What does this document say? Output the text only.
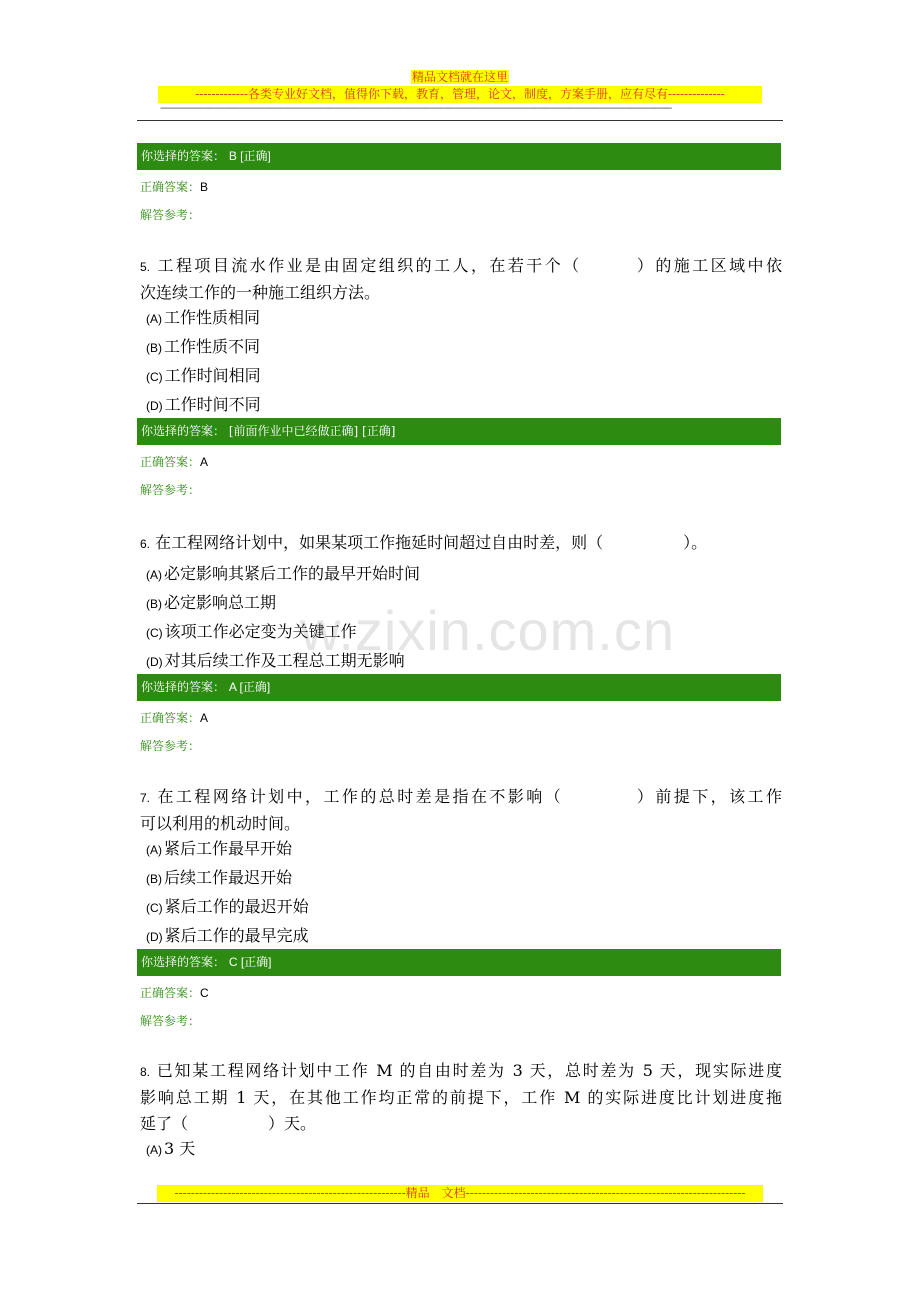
精品文档就在这里
-------------各类专业好文档，值得你下载，教育，管理，论文，制度，方案手册，应有尽有--------------
----------------------------------------------------------------------------------------------------------------------------------------------------------------------------------------------------
你选择的答案： B [正确]
正确答案：B
解答参考：
5. 工程项目流水作业是由固定组织的工人，在若干个（　　　）的施工区域中依
次连续工作的一种施工组织方法。
(A) 工作性质相同
(B) 工作性质不同
(C) 工作时间相同
(D) 工作时间不同
你选择的答案： [前面作业中已经做正确] [正确]
正确答案：A
解答参考：
6. 在工程网络计划中，如果某项工作拖延时间超过自由时差，则（　　　　　）。
(A) 必定影响其紧后工作的最早开始时间
(B) 必定影响总工期
(C) 该项工作必定变为关键工作
(D) 对其后续工作及工程总工期无影响
你选择的答案： A [正确]
正确答案：A
解答参考：
7. 在工程网络计划中，工作的总时差是指在不影响（　　　　）前提下，该工作
可以利用的机动时间。
(A) 紧后工作最早开始
(B) 后续工作最迟开始
(C) 紧后工作的最迟开始
(D) 紧后工作的最早完成
你选择的答案： C [正确]
正确答案：C
解答参考：
8. 已知某工程网络计划中工作 M 的自由时差为 3 天，总时差为 5 天，现实际进度
影响总工期 1 天，在其他工作均正常的前提下，工作 M 的实际进度比计划进度拖
延了（　　　　　）天。
(A) 3 天
w.zixin.com.cn
---------------------------------------------------------精品　文档---------------------------------------------------------------------
